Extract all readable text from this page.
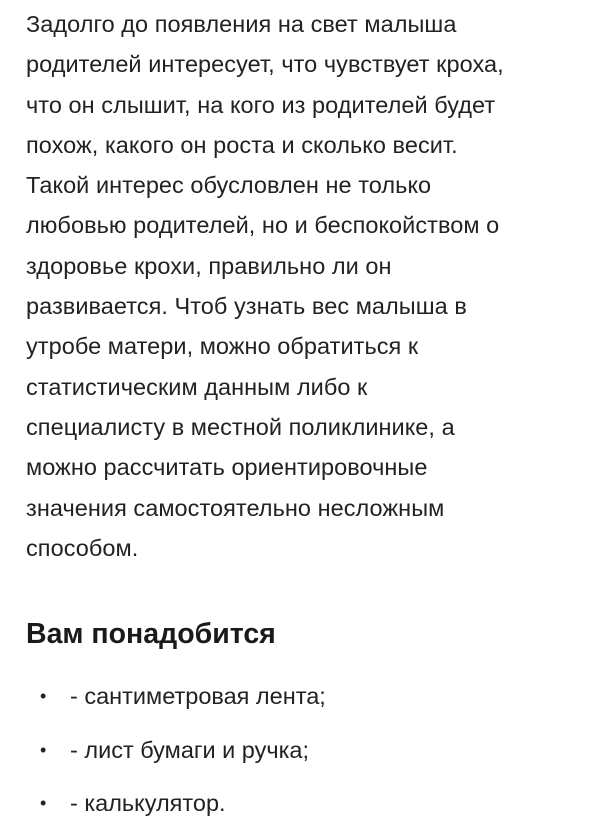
Задолго до появления на свет малыша
родителей интересует, что чувствует кроха,
что он слышит, на кого из родителей будет
похож, какого он роста и сколько весит.
Такой интерес обусловлен не только
любовью родителей, но и беспокойством о
здоровье крохи, правильно ли он
развивается. Чтоб узнать вес малыша в
утробе матери, можно обратиться к
статистическим данным либо к
специалисту в местной поликлинике, а
можно рассчитать ориентировочные
значения самостоятельно несложным
способом.

Вам понадобится
• - сантиметровая лента;
• - лист бумаги и ручка;
• - калькулятор.
